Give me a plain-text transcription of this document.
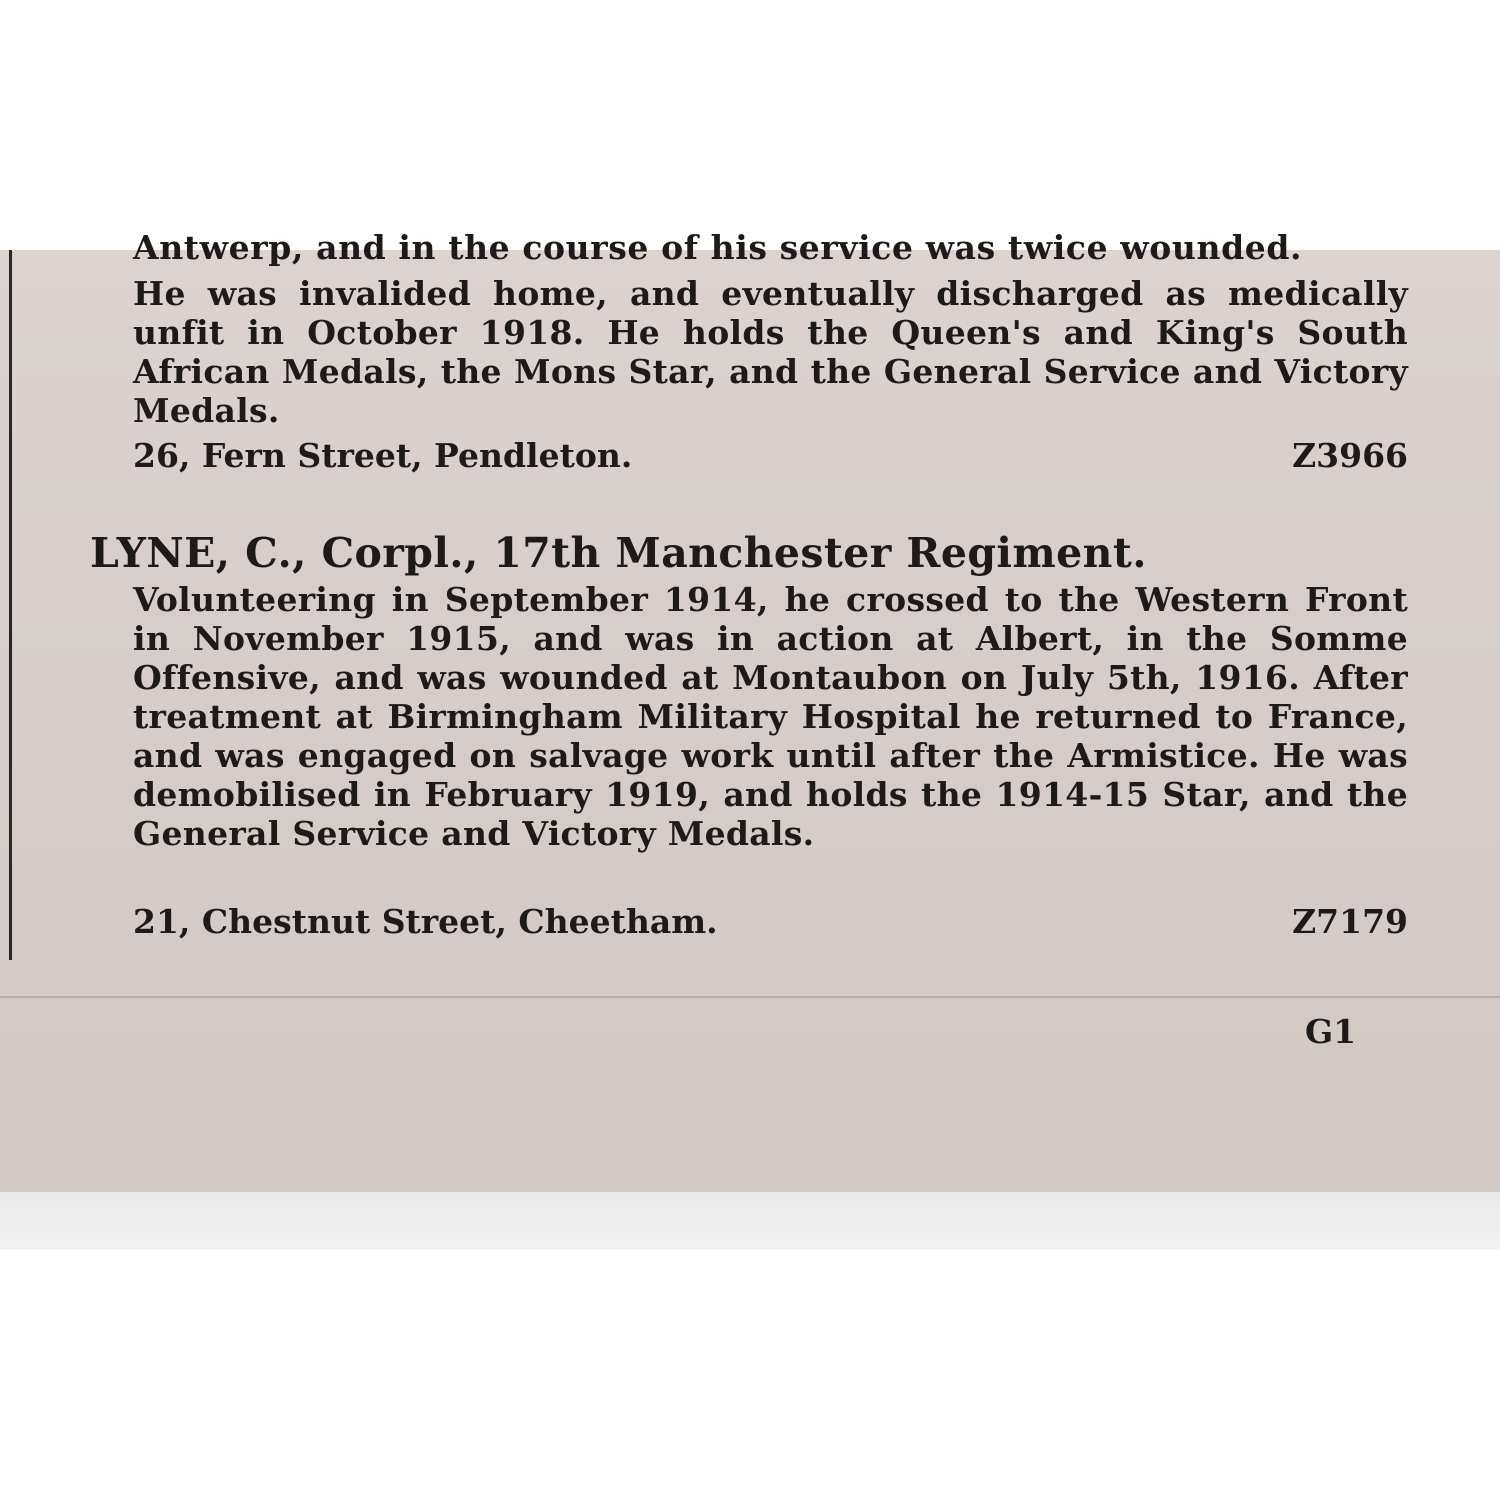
Antwerp, and in the course of his service was twice wounded.
He was invalided home, and eventually discharged as medically unfit in October 1918. He holds the Queen's and King's South African Medals, the Mons Star, and the General Service and Victory Medals.
26, Fern Street, Pendleton.	Z3966
LYNE, C., Corpl., 17th Manchester Regiment.
Volunteering in September 1914, he crossed to the Western Front in November 1915, and was in action at Albert, in the Somme Offensive, and was wounded at Montaubon on July 5th, 1916. After treatment at Birmingham Military Hospital he returned to France, and was engaged on salvage work until after the Armistice. He was demobilised in February 1919, and holds the 1914-15 Star, and the General Service and Victory Medals.
21, Chestnut Street, Cheetham.	Z7179
G1
